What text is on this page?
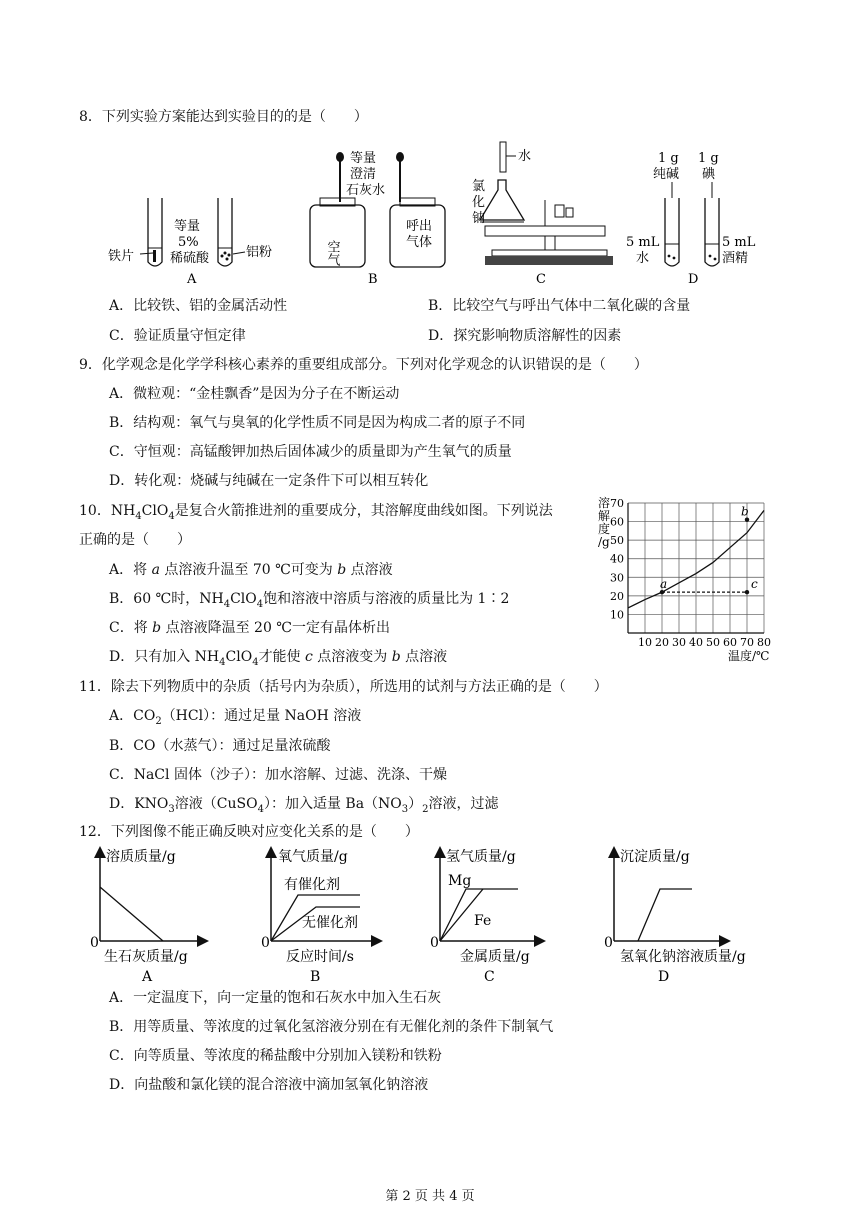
8．下列实验方案能达到实验目的的是（　　）
等量
5%
稀硫酸
铁片	铝粉
A
等量
澄清
石灰水
空气
呼出
气体
B
水
氯
化
钠
C
1 g
纯碱
1 g
碘
5 mL
水
5 mL
酒精
D
A．比较铁、铝的金属活动性	B．比较空气与呼出气体中二氧化碳的含量
C．验证质量守恒定律	D．探究影响物质溶解性的因素
9．化学观念是化学学科核心素养的重要组成部分。下列对化学观念的认识错误的是（　　）
A．微粒观：“金桂飘香”是因为分子在不断运动
B．结构观：氧气与臭氧的化学性质不同是因为构成二者的原子不同
C．守恒观：高锰酸钾加热后固体减少的质量即为产生氧气的质量
D．转化观：烧碱与纯碱在一定条件下可以相互转化
10．$NH_4ClO_4$是复合火箭推进剂的重要成分，其溶解度曲线如图。下列说法
正确的是（　　）
A．将 a 点溶液升温至 70 ℃可变为 b 点溶液
B．60 ℃时，$NH_4ClO_4$饱和溶液中溶质与溶液的质量比为 1∶2
C．将 b 点溶液降温至 20 ℃一定有晶体析出
D．只有加入 $NH_4ClO_4$才能使 c 点溶液变为 b 点溶液
10 20 30 40 50 60 70 80
10
20
30
40
50
60
70
a
b
c
溶解度/g
温度/℃
11．除去下列物质中的杂质（括号内为杂质），所选用的试剂与方法正确的是（　　）
A．$CO_2(HCl)$：通过足量 NaOH 溶液
B．CO（水蒸气）：通过足量浓硫酸
C．NaCl 固体（沙子）：加水溶解、过滤、洗涤、干燥
D．$KNO_3$溶液（CuSO$_4$）：加入适量 $Ba(NO_3)_2$溶液，过滤
12．下列图像不能正确反映对应变化关系的是（　　）
溶质质量/g
生石灰质量/g
0
A
氧气质量/g
有催化剂
无催化剂
反应时间/s
0
B
氢气质量/g
Mg
Fe
金属质量/g
0
C
沉淀质量/g
氢氧化钠溶液质量/g
0
D
A．一定温度下，向一定量的饱和石灰水中加入生石灰
B．用等质量、等浓度的过氧化氢溶液分别在有无催化剂的条件下制氧气
C．向等质量、等浓度的稀盐酸中分别加入镁粉和铁粉
D．向盐酸和氯化镁的混合溶液中滴加氢氧化钠溶液
第 2 页 共 4 页
